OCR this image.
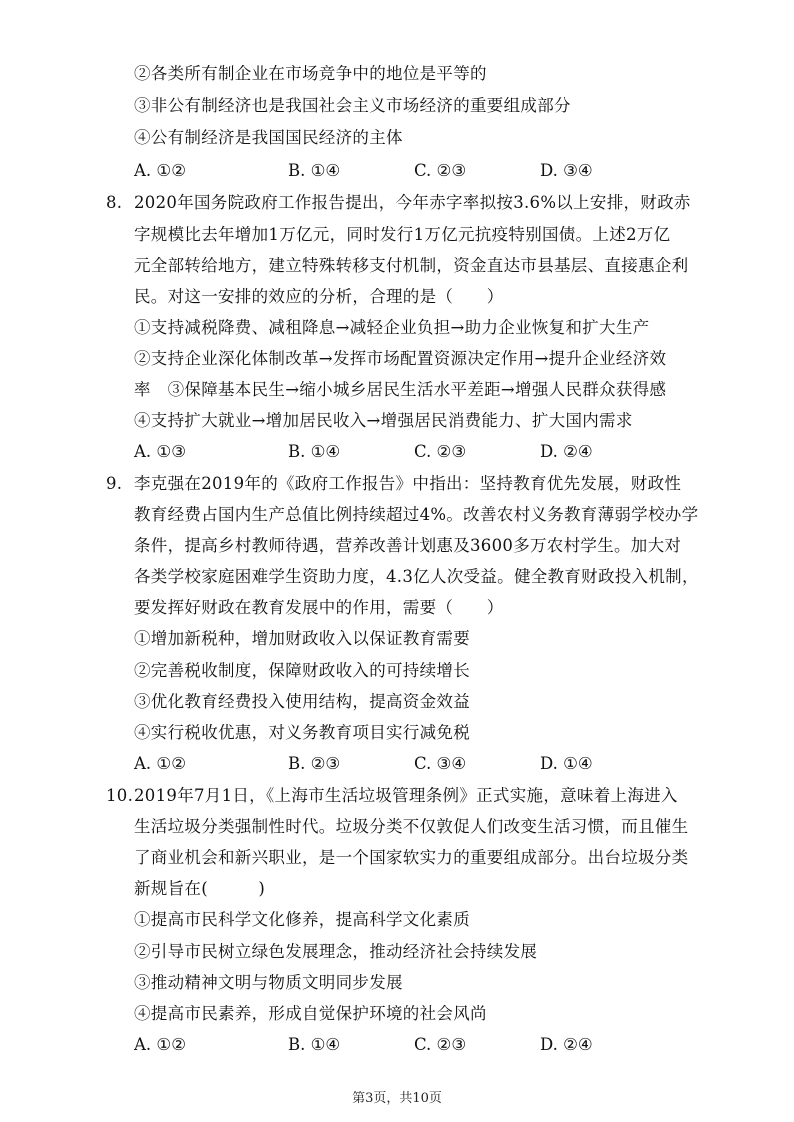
②各类所有制企业在市场竞争中的地位是平等的
③非公有制经济也是我国社会主义市场经济的重要组成部分
④公有制经济是我国国民经济的主体
A. ①②	B. ①④	C. ②③	D. ③④
8. 2020年国务院政府工作报告提出，今年赤字率拟按3.6%以上安排，财政赤
字规模比去年增加1万亿元，同时发行1万亿元抗疫特别国债。上述2万亿
元全部转给地方，建立特殊转移支付机制，资金直达市县基层、直接惠企利
民。对这一安排的效应的分析，合理的是（　　）
①支持减税降费、减租降息→减轻企业负担→助力企业恢复和扩大生产
②支持企业深化体制改革→发挥市场配置资源决定作用→提升企业经济效
率　③保障基本民生→缩小城乡居民生活水平差距→增强人民群众获得感
④支持扩大就业→增加居民收入→增强居民消费能力、扩大国内需求
A. ①③	B. ①④	C. ②③	D. ②④
9. 李克强在2019年的《政府工作报告》中指出：坚持教育优先发展，财政性
教育经费占国内生产总值比例持续超过4%。改善农村义务教育薄弱学校办学
条件，提高乡村教师待遇，营养改善计划惠及3600多万农村学生。加大对
各类学校家庭困难学生资助力度，4.3亿人次受益。健全教育财政投入机制，
要发挥好财政在教育发展中的作用，需要（　　）
①增加新税种，增加财政收入以保证教育需要
②完善税收制度，保障财政收入的可持续增长
③优化教育经费投入使用结构，提高资金效益
④实行税收优惠，对义务教育项目实行减免税
A. ①②	B. ②③	C. ③④	D. ①④
10.2019年7月1日，《上海市生活垃圾管理条例》正式实施，意味着上海进入
生活垃圾分类强制性时代。垃圾分类不仅敦促人们改变生活习惯，而且催生
了商业机会和新兴职业，是一个国家软实力的重要组成部分。出台垃圾分类
新规旨在(　　　)
①提高市民科学文化修养，提高科学文化素质
②引导市民树立绿色发展理念，推动经济社会持续发展
③推动精神文明与物质文明同步发展
④提高市民素养，形成自觉保护环境的社会风尚
A. ①②	B. ①④	C. ②③	D. ②④
第3页，共10页
